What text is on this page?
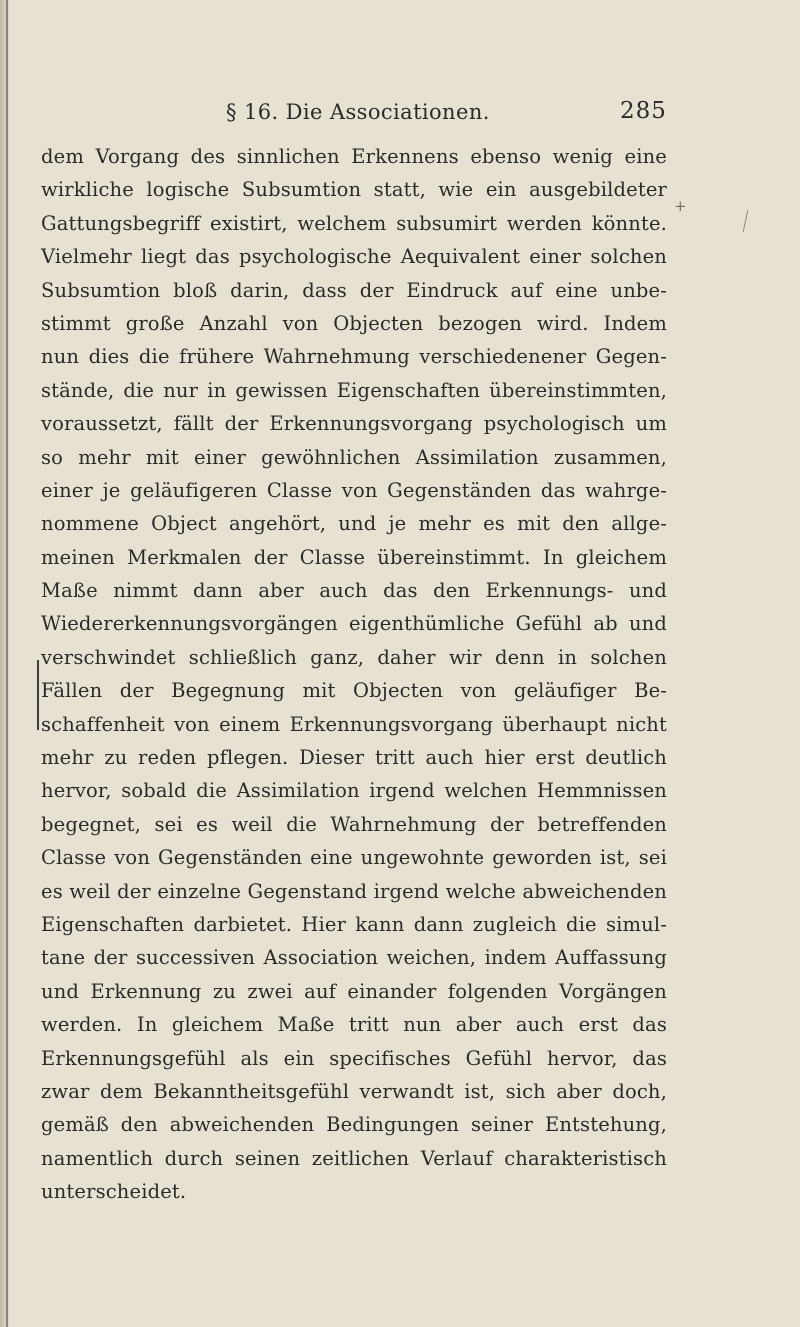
§ 16. Die Associationen.	285
+
dem Vorgang des sinnlichen Erkennens ebenso wenig eine
wirkliche logische Subsumtion statt, wie ein ausgebildeter
Gattungsbegriff existirt, welchem subsumirt werden könnte.
Vielmehr liegt das psychologische Aequivalent einer solchen
Subsumtion bloß darin, dass der Eindruck auf eine unbe-
stimmt große Anzahl von Objecten bezogen wird. Indem
nun dies die frühere Wahrnehmung verschiedenener Gegen-
stände, die nur in gewissen Eigenschaften übereinstimmten,
voraussetzt, fällt der Erkennungsvorgang psychologisch um
so mehr mit einer gewöhnlichen Assimilation zusammen,
einer je geläufigeren Classe von Gegenständen das wahrge-
nommene Object angehört, und je mehr es mit den allge-
meinen Merkmalen der Classe übereinstimmt. In gleichem
Maße nimmt dann aber auch das den Erkennungs- und
Wiedererkennungsvorgängen eigenthümliche Gefühl ab und
verschwindet schließlich ganz, daher wir denn in solchen
Fällen der Begegnung mit Objecten von geläufiger Be-
schaffenheit von einem Erkennungsvorgang überhaupt nicht
mehr zu reden pflegen. Dieser tritt auch hier erst deutlich
hervor, sobald die Assimilation irgend welchen Hemmnissen
begegnet, sei es weil die Wahrnehmung der betreffenden
Classe von Gegenständen eine ungewohnte geworden ist, sei
es weil der einzelne Gegenstand irgend welche abweichenden
Eigenschaften darbietet. Hier kann dann zugleich die simul-
tane der successiven Association weichen, indem Auffassung
und Erkennung zu zwei auf einander folgenden Vorgängen
werden. In gleichem Maße tritt nun aber auch erst das
Erkennungsgefühl als ein specifisches Gefühl hervor, das
zwar dem Bekanntheitsgefühl verwandt ist, sich aber doch,
gemäß den abweichenden Bedingungen seiner Entstehung,
namentlich durch seinen zeitlichen Verlauf charakteristisch
unterscheidet.
